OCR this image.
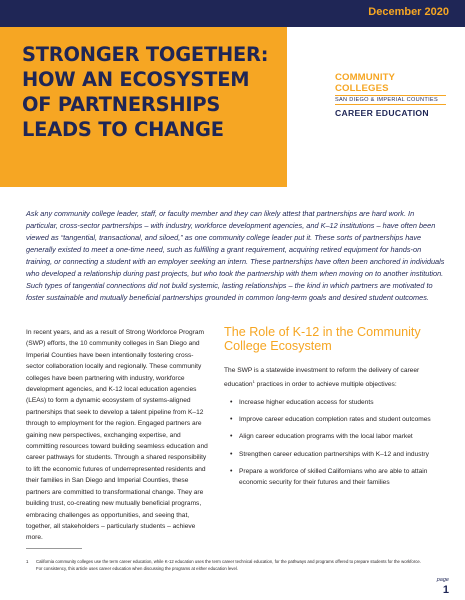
December 2020
STRONGER TOGETHER: HOW AN ECOSYSTEM OF PARTNERSHIPS LEADS TO CHANGE
COMMUNITY COLLEGES
SAN DIEGO & IMPERIAL COUNTIES
CAREER EDUCATION

Ask any community college leader, staff, or faculty member and they can likely attest that partnerships are hard work. In particular, cross-sector partnerships – with industry, workforce development agencies, and K–12 institutions – have often been viewed as “tangential, transactional, and siloed,” as one community college leader put it. These sorts of partnerships have generally existed to meet a one-time need, such as fulfilling a grant requirement, acquiring retired equipment for hands-on training, or connecting a student with an employer seeking an intern. These partnerships have often been anchored in individuals who developed a relationship during past projects, but who took the partnership with them when moving on to another institution. Such types of tangential connections did not build systemic, lasting relationships – the kind in which partners are motivated to foster sustainable and mutually beneficial partnerships grounded in common long-term goals and desired student outcomes.

In recent years, and as a result of Strong Workforce Program (SWP) efforts, the 10 community colleges in San Diego and Imperial Counties have been intentionally fostering cross-sector collaboration locally and regionally. These community colleges have been partnering with industry, workforce development agencies, and K-12 local education agencies (LEAs) to form a dynamic ecosystem of systems-aligned partnerships that seek to develop a talent pipeline from K–12 through to employment for the region. Engaged partners are gaining new perspectives, exchanging expertise, and committing resources toward building seamless education and career pathways for students. Through a shared responsibility to lift the economic futures of underrepresented residents and their families in San Diego and Imperial Counties, these partners are committed to transformational change. They are building trust, co-creating new mutually beneficial programs, embracing challenges as opportunities, and seeing that, together, all stakeholders – particularly students – achieve more.

The Role of K-12 in the Community College Ecosystem

The SWP is a statewide investment to reform the delivery of career education$^1$ practices in order to achieve multiple objectives:

• Increase higher education access for students
• Improve career education completion rates and student outcomes
• Align career education programs with the local labor market
• Strengthen career education partnerships with K–12 and industry
• Prepare a workforce of skilled Californians who are able to attain economic security for their futures and their families
1	California community colleges use the term career education, while K-12 education uses the term career technical education, for the pathways and programs offered to prepare students for the workforce. For consistency, this article uses career education when discussing the programs at either education level.
page
1
